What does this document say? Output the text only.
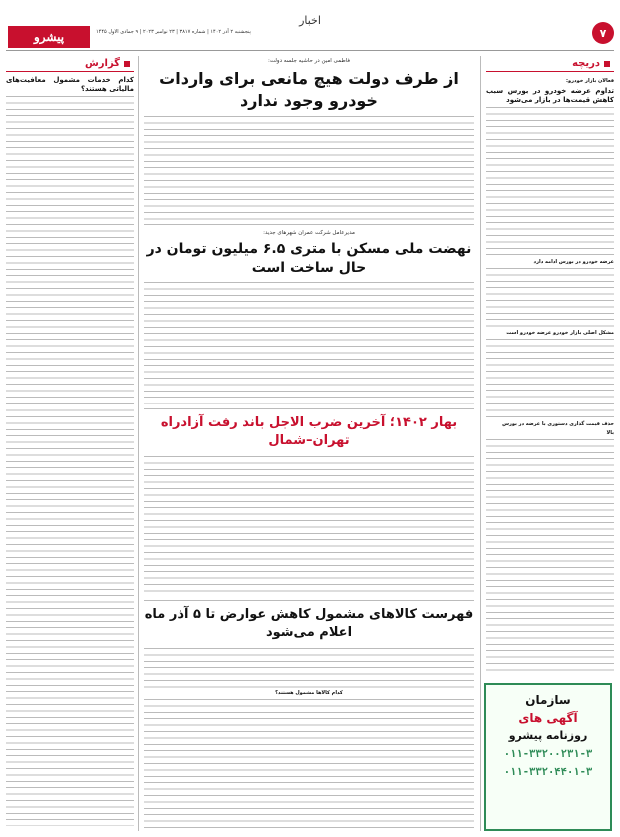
۷
اخبار
پیشرو	پنجشنبه ۲ آذر ۱۴۰۲ | شماره ۳۸۱۷ | ۲۳ نوامبر ۲۰۲۳ | ۹ جمادی الاول ۱۴۴۵
دریچه
گزارش
فعالان بازار خودرو:
تداوم عرضه خودرو در بورس سبب کاهش قیمت‌ها در بازار می‌شود
عرضه خودرو در بورس ادامه دارد
مشکل اصلی بازار خودرو عرضه خودرو است
حذف قیمت گذاری دستوری با عرضه در بورس
بالا
کدام خدمات مشمول معافیت‌های مالیاتی هستند؟
فاطمی امین در حاشیه جلسه دولت:
از طرف دولت هیچ مانعی برای واردات خودرو وجود ندارد
مدیرعامل شرکت عمران شهرهای جدید:
نهضت ملی مسکن با متری ۶.۵ میلیون تومان در حال ساخت است
بهار ۱۴۰۲؛ آخرین ضرب الاجل باند رفت آزادراه تهران–شمال
فهرست کالاهای مشمول کاهش عوارض تا ۵ آذر ماه اعلام می‌شود
کدام کالاها مشمول هستند؟	سازمان
آگهی های
روزنامه پیشرو
۰۱۱-۳۳۲۰۰۲۳۱-۳
۰۱۱-۳۳۲۰۴۴۰۱-۳
